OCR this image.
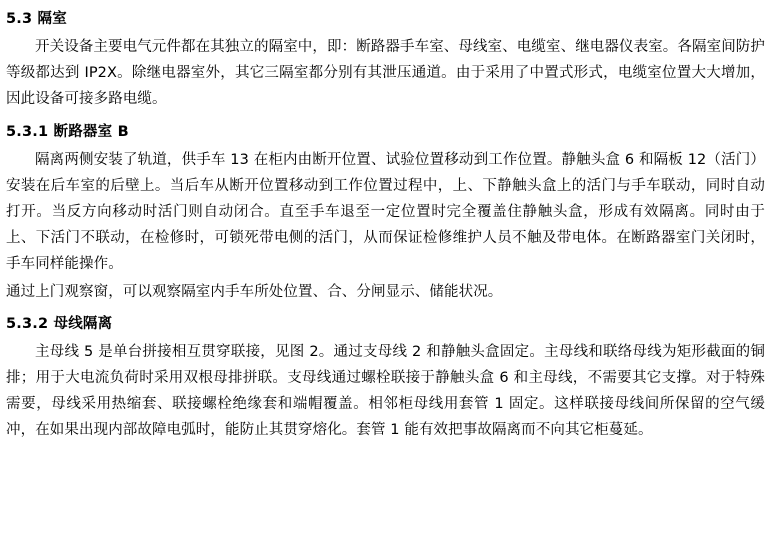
5.3 隔室

开关设备主要电气元件都在其独立的隔室中，即：断路器手车室、母线室、电缆室、继电器仪表室。各隔室间防护等级都达到 IP2X。除继电器室外，其它三隔室都分别有其泄压通道。由于采用了中置式形式，电缆室位置大大增加，因此设备可接多路电缆。

5.3.1 断路器室 B

隔离两侧安装了轨道，供手车 13 在柜内由断开位置、试验位置移动到工作位置。静触头盒 6 和隔板 12（活门）安装在后车室的后壁上。当后车从断开位置移动到工作位置过程中，上、下静触头盒上的活门与手车联动，同时自动打开。当反方向移动时活门则自动闭合。直至手车退至一定位置时完全覆盖住静触头盒，形成有效隔离。同时由于上、下活门不联动，在检修时，可锁死带电侧的活门，从而保证检修维护人员不触及带电体。在断路器室门关闭时，手车同样能操作。

通过上门观察窗，可以观察隔室内手车所处位置、合、分闸显示、储能状况。

5.3.2 母线隔离

主母线 5 是单台拼接相互贯穿联接，见图 2。通过支母线 2 和静触头盒固定。主母线和联络母线为矩形截面的铜排；用于大电流负荷时采用双根母排拼联。支母线通过螺栓联接于静触头盒 6 和主母线，不需要其它支撑。对于特殊需要，母线采用热缩套、联接螺栓绝缘套和端帽覆盖。相邻柜母线用套管 1 固定。这样联接母线间所保留的空气缓冲，在如果出现内部故障电弧时，能防止其贯穿熔化。套管 1 能有效把事故隔离而不向其它柜蔓延。
